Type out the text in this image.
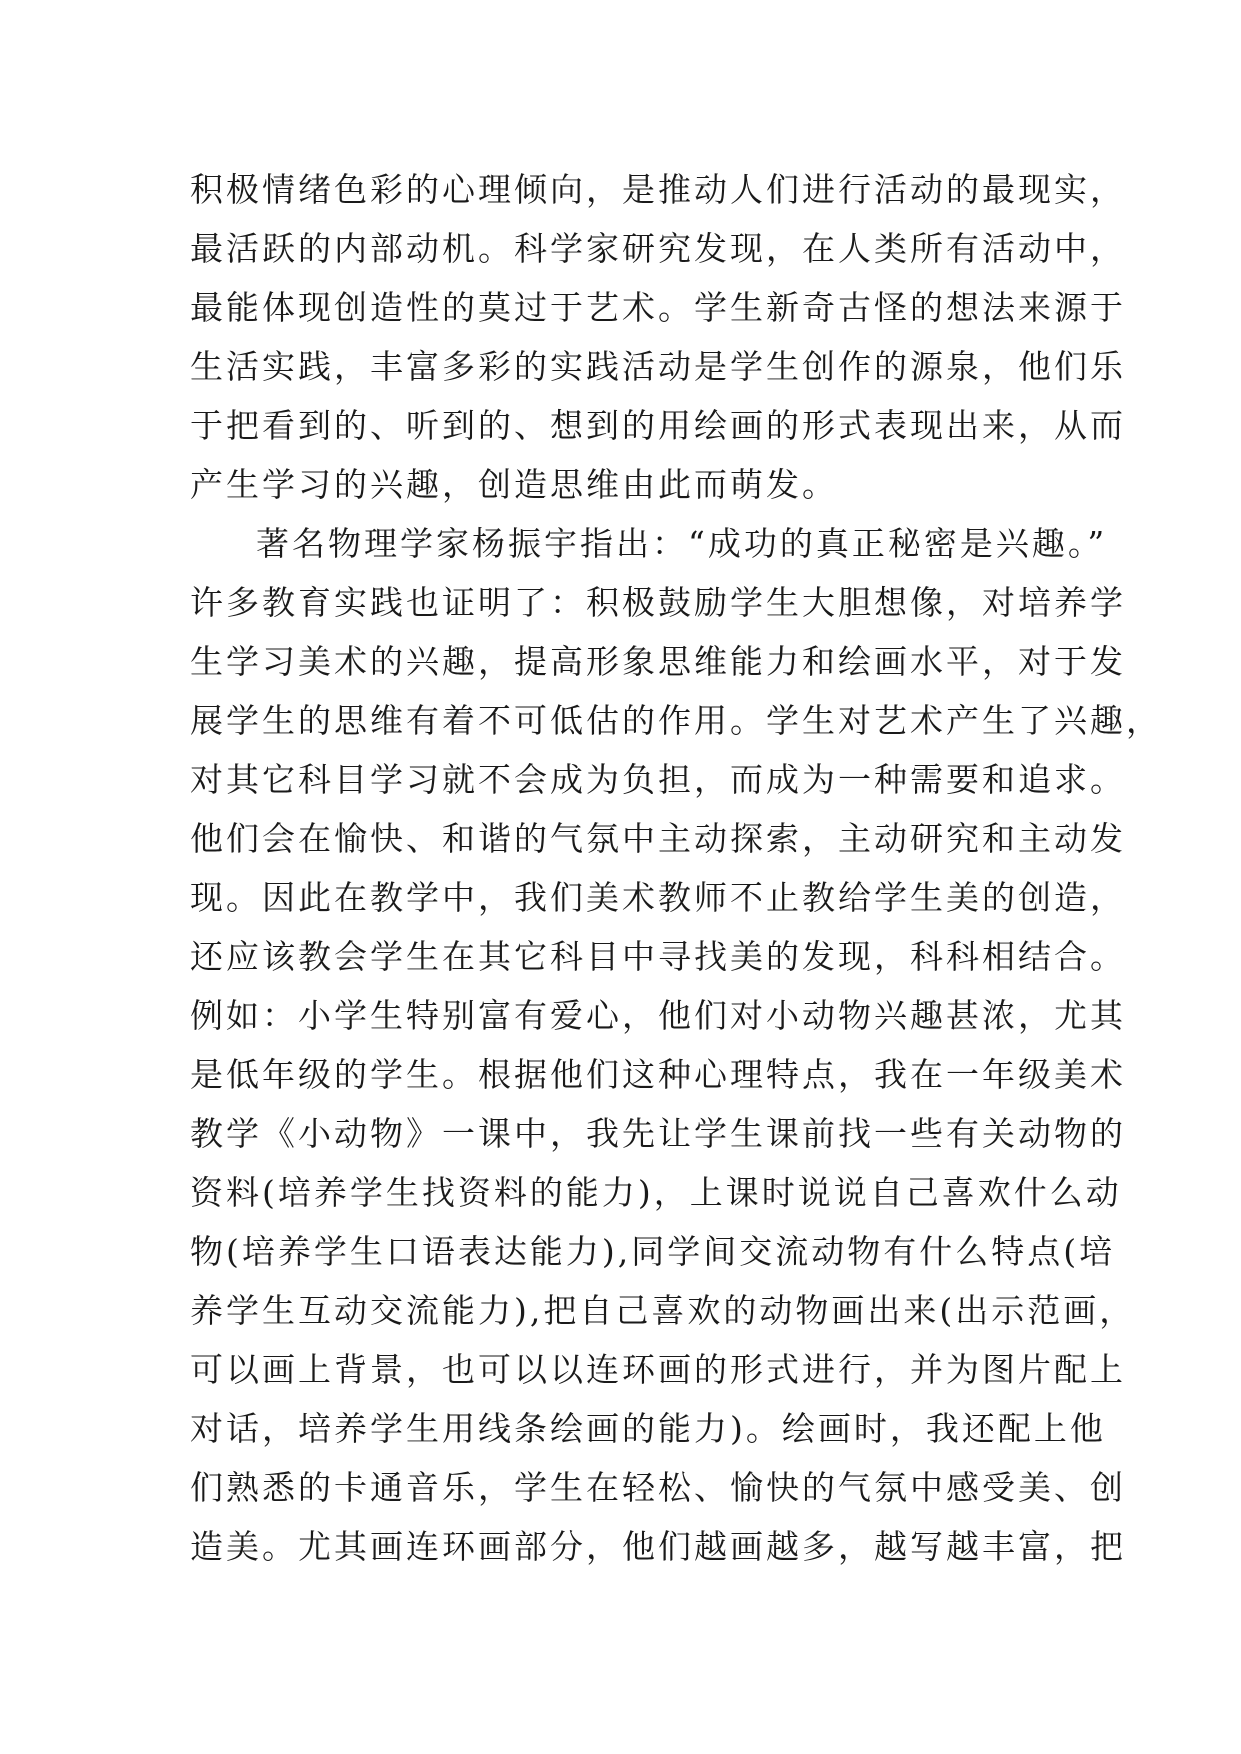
积极情绪色彩的心理倾向，是推动人们进行活动的最现实，
最活跃的内部动机。科学家研究发现，在人类所有活动中，
最能体现创造性的莫过于艺术。学生新奇古怪的想法来源于
生活实践，丰富多彩的实践活动是学生创作的源泉，他们乐
于把看到的、听到的、想到的用绘画的形式表现出来，从而
产生学习的兴趣，创造思维由此而萌发。
著名物理学家杨振宇指出：“成功的真正秘密是兴趣。”
许多教育实践也证明了：积极鼓励学生大胆想像，对培养学
生学习美术的兴趣，提高形象思维能力和绘画水平，对于发
展学生的思维有着不可低估的作用。学生对艺术产生了兴趣，
对其它科目学习就不会成为负担，而成为一种需要和追求。
他们会在愉快、和谐的气氛中主动探索，主动研究和主动发
现。因此在教学中，我们美术教师不止教给学生美的创造，
还应该教会学生在其它科目中寻找美的发现，科科相结合。
例如：小学生特别富有爱心，他们对小动物兴趣甚浓，尤其
是低年级的学生。根据他们这种心理特点，我在一年级美术
教学《小动物》一课中，我先让学生课前找一些有关动物的
资料(培养学生找资料的能力)，上课时说说自己喜欢什么动
物(培养学生口语表达能力),同学间交流动物有什么特点(培
养学生互动交流能力),把自己喜欢的动物画出来(出示范画，
可以画上背景，也可以以连环画的形式进行，并为图片配上
对话，培养学生用线条绘画的能力)。绘画时，我还配上他
们熟悉的卡通音乐，学生在轻松、愉快的气氛中感受美、创
造美。尤其画连环画部分，他们越画越多，越写越丰富，把
